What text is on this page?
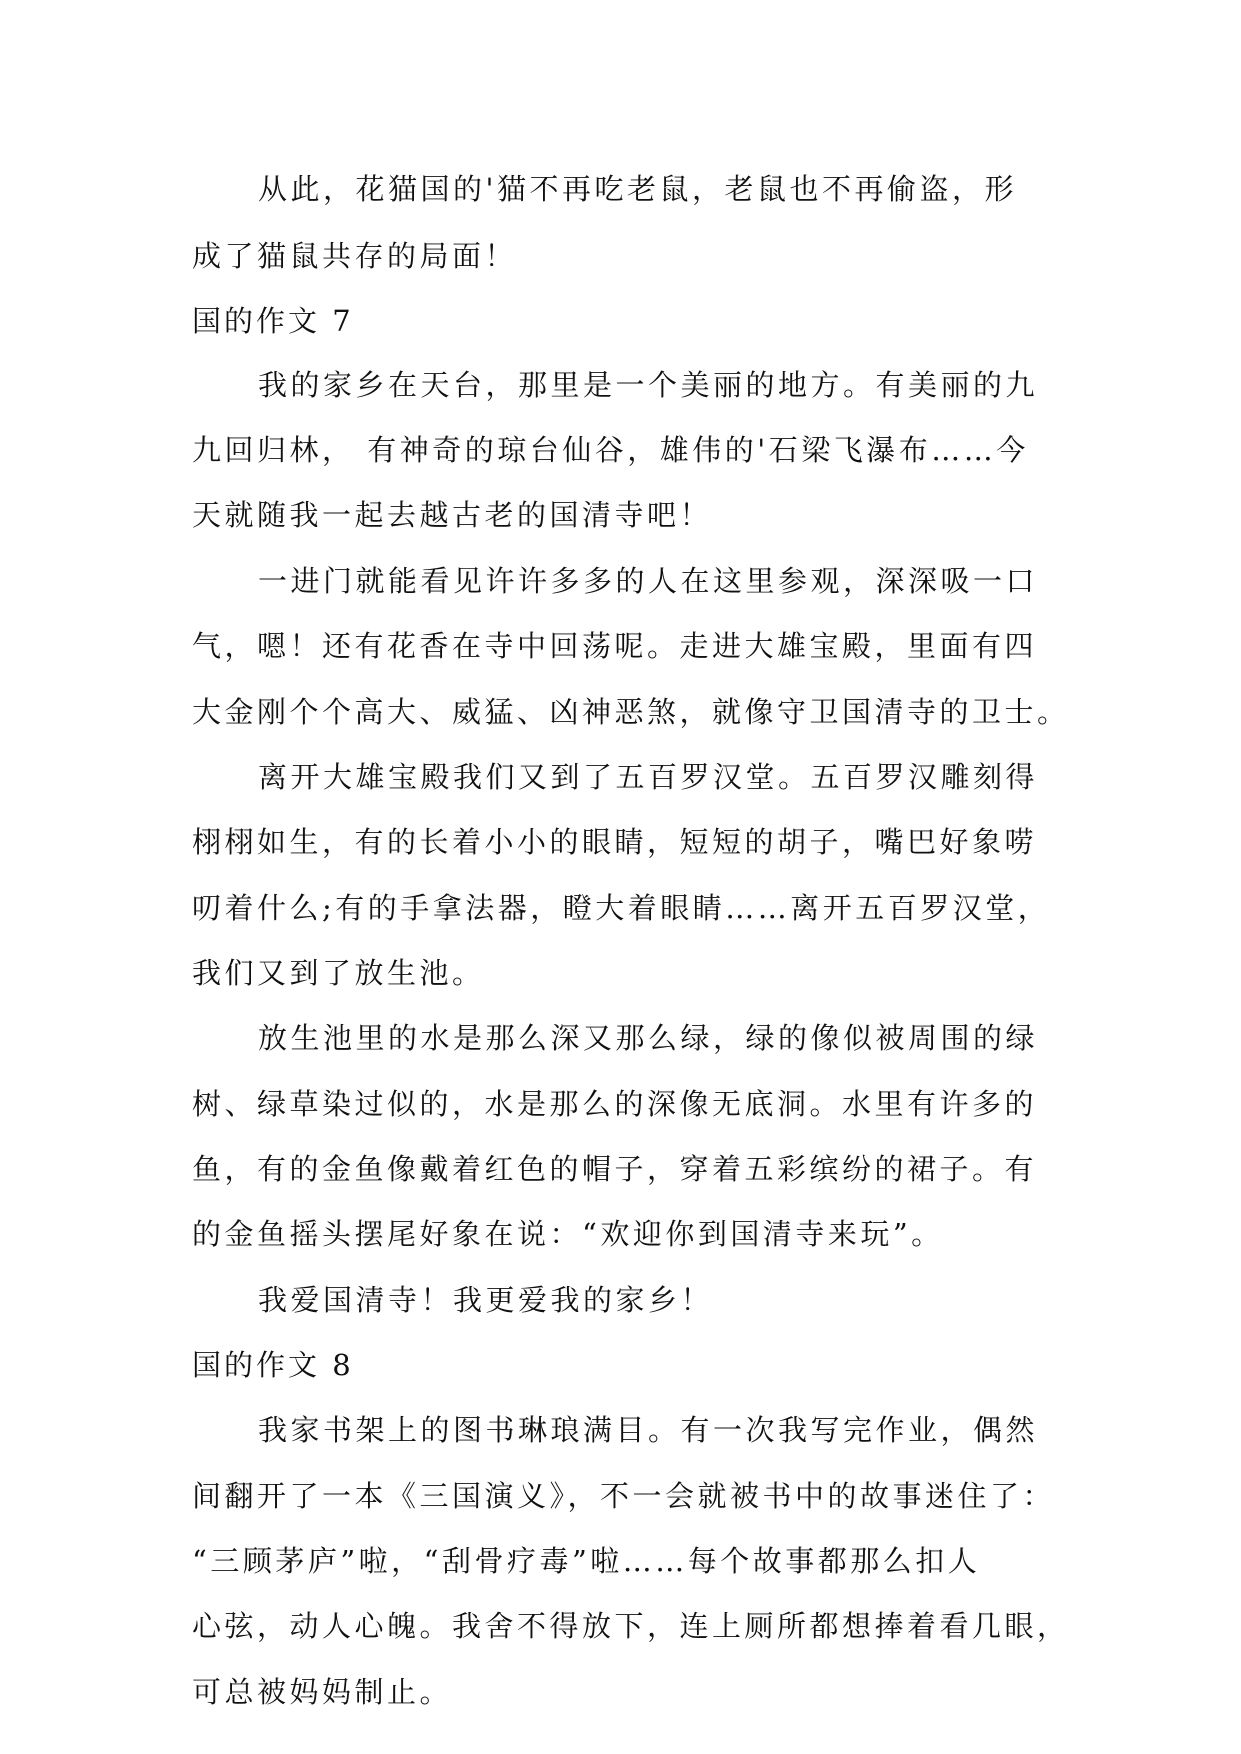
从此，花猫国的'猫不再吃老鼠，老鼠也不再偷盗，形
成了猫鼠共存的局面！
国的作文 7
我的家乡在天台，那里是一个美丽的地方。有美丽的九
九回归林， 有神奇的琼台仙谷，雄伟的'石梁飞瀑布……今
天就随我一起去越古老的国清寺吧！
一进门就能看见许许多多的人在这里参观，深深吸一口
气，嗯！还有花香在寺中回荡呢。走进大雄宝殿，里面有四
大金刚个个高大、威猛、凶神恶煞，就像守卫国清寺的卫士。
离开大雄宝殿我们又到了五百罗汉堂。五百罗汉雕刻得
栩栩如生，有的长着小小的眼睛，短短的胡子，嘴巴好象唠
叨着什么;有的手拿法器，瞪大着眼睛……离开五百罗汉堂，
我们又到了放生池。
放生池里的水是那么深又那么绿，绿的像似被周围的绿
树、绿草染过似的，水是那么的深像无底洞。水里有许多的
鱼，有的金鱼像戴着红色的帽子，穿着五彩缤纷的裙子。有
的金鱼摇头摆尾好象在说：“欢迎你到国清寺来玩”。
我爱国清寺！我更爱我的家乡！
国的作文 8
我家书架上的图书琳琅满目。有一次我写完作业，偶然
间翻开了一本《三国演义》，不一会就被书中的故事迷住了：
“三顾茅庐”啦，“刮骨疗毒”啦……每个故事都那么扣人
心弦，动人心魄。我舍不得放下，连上厕所都想捧着看几眼，
可总被妈妈制止。
